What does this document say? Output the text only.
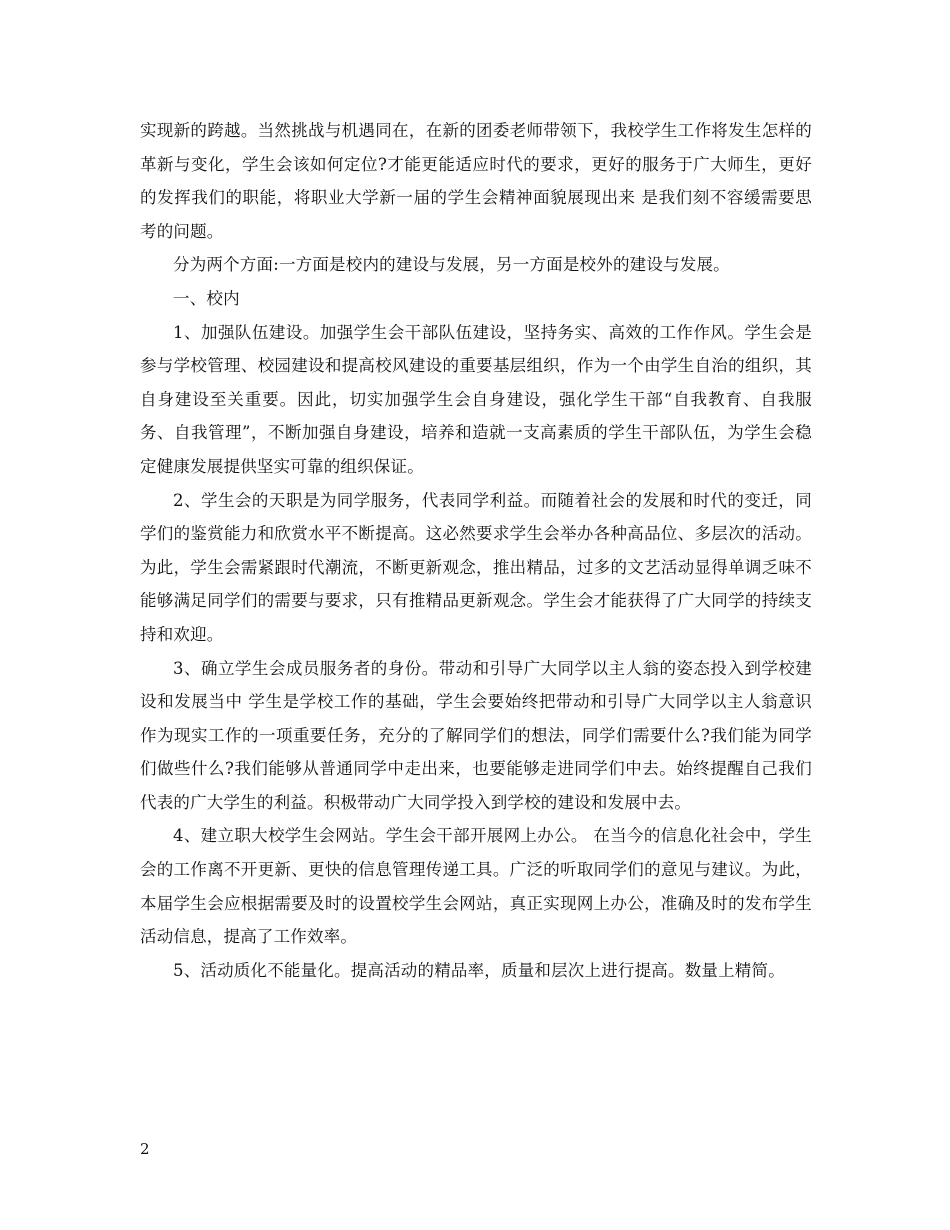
实现新的跨越。当然挑战与机遇同在，在新的团委老师带领下，我校学生工作将发生怎样的革新与变化，学生会该如何定位?才能更能适应时代的要求，更好的服务于广大师生，更好的发挥我们的职能，将职业大学新一届的学生会精神面貌展现出来 是我们刻不容缓需要思考的问题。

分为两个方面:一方面是校内的建设与发展，另一方面是校外的建设与发展。

一、校内

1、加强队伍建设。加强学生会干部队伍建设，坚持务实、高效的工作作风。学生会是参与学校管理、校园建设和提高校风建设的重要基层组织，作为一个由学生自治的组织，其自身建设至关重要。因此，切实加强学生会自身建设，强化学生干部“自我教育、自我服务、自我管理”，不断加强自身建设，培养和造就一支高素质的学生干部队伍，为学生会稳定健康发展提供坚实可靠的组织保证。

2、学生会的天职是为同学服务，代表同学利益。而随着社会的发展和时代的变迁，同学们的鉴赏能力和欣赏水平不断提高。这必然要求学生会举办各种高品位、多层次的活动。为此，学生会需紧跟时代潮流，不断更新观念，推出精品，过多的文艺活动显得单调乏味不能够满足同学们的需要与要求，只有推精品更新观念。学生会才能获得了广大同学的持续支持和欢迎。

3、确立学生会成员服务者的身份。带动和引导广大同学以主人翁的姿态投入到学校建设和发展当中 学生是学校工作的基础，学生会要始终把带动和引导广大同学以主人翁意识作为现实工作的一项重要任务，充分的了解同学们的想法，同学们需要什么?我们能为同学们做些什么?我们能够从普通同学中走出来，也要能够走进同学们中去。始终提醒自己我们代表的广大学生的利益。积极带动广大同学投入到学校的建设和发展中去。

4、建立职大校学生会网站。学生会干部开展网上办公。 在当今的信息化社会中，学生会的工作离不开更新、更快的信息管理传递工具。广泛的听取同学们的意见与建议。为此，本届学生会应根据需要及时的设置校学生会网站，真正实现网上办公，准确及时的发布学生活动信息，提高了工作效率。

5、活动质化不能量化。提高活动的精品率，质量和层次上进行提高。数量上精简。

2
